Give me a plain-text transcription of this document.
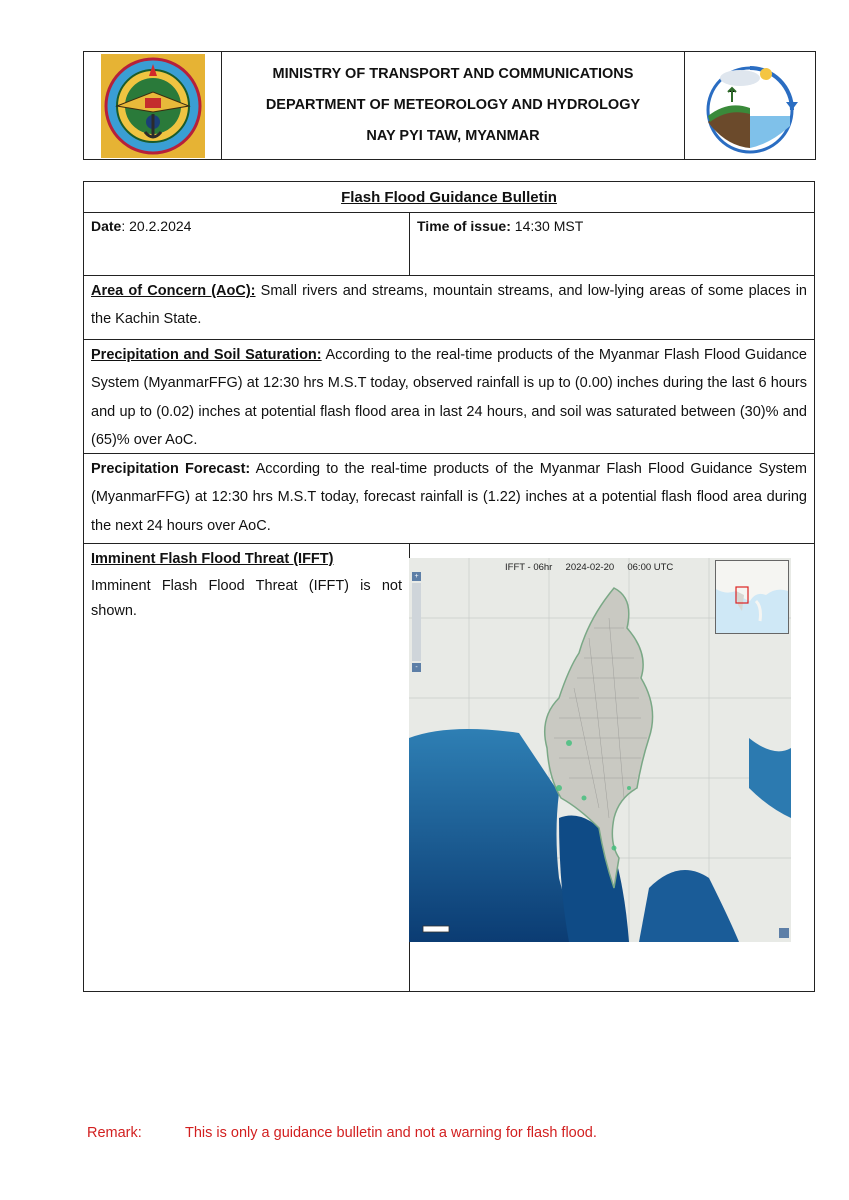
MINISTRY OF TRANSPORT AND COMMUNICATIONS
DEPARTMENT OF METEOROLOGY AND HYDROLOGY
NAY PYI TAW, MYANMAR
Flash Flood Guidance Bulletin
Date: 20.2.2024	Time of issue: 14:30 MST
Area of Concern (AoC): Small rivers and streams, mountain streams, and low-lying areas of some places in the Kachin State.
Precipitation and Soil Saturation: According to the real-time products of the Myanmar Flash Flood Guidance System (MyanmarFFG) at 12:30 hrs M.S.T today, observed rainfall is up to (0.00) inches during the last 6 hours and up to (0.02) inches at potential flash flood area in last 24 hours, and soil was saturated between (30)% and (65)% over AoC.
Precipitation Forecast: According to the real-time products of the Myanmar Flash Flood Guidance System (MyanmarFFG) at 12:30 hrs M.S.T today, forecast rainfall is (1.22) inches at a potential flash flood area during the next 24 hours over AoC.
Imminent Flash Flood Threat (IFFT)
Imminent Flash Flood Threat (IFFT) is not shown.
+
-
IFFT - 06hr 2024-02-20 06:00 UTC
Remark:	This is only a guidance bulletin and not a warning for flash flood.
